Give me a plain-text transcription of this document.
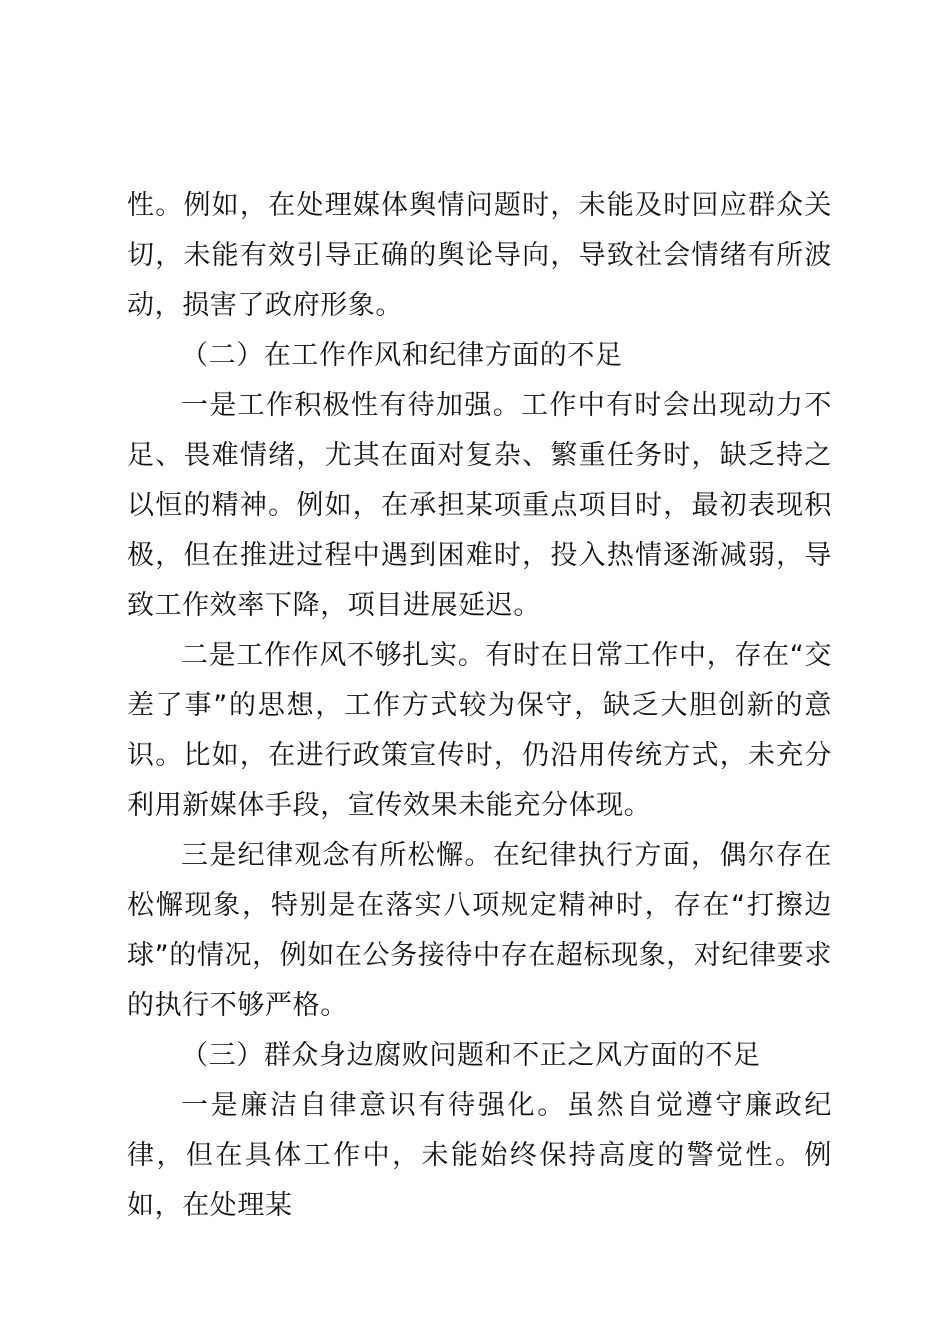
性。例如，在处理媒体舆情问题时，未能及时回应群众关切，未能有效引导正确的舆论导向，导致社会情绪有所波动，损害了政府形象。

（二）在工作作风和纪律方面的不足

一是工作积极性有待加强。工作中有时会出现动力不足、畏难情绪，尤其在面对复杂、繁重任务时，缺乏持之以恒的精神。例如，在承担某项重点项目时，最初表现积极，但在推进过程中遇到困难时，投入热情逐渐减弱，导致工作效率下降，项目进展延迟。

二是工作作风不够扎实。有时在日常工作中，存在“交差了事”的思想，工作方式较为保守，缺乏大胆创新的意识。比如，在进行政策宣传时，仍沿用传统方式，未充分利用新媒体手段，宣传效果未能充分体现。

三是纪律观念有所松懈。在纪律执行方面，偶尔存在松懈现象，特别是在落实八项规定精神时，存在“打擦边球”的情况，例如在公务接待中存在超标现象，对纪律要求的执行不够严格。

（三）群众身边腐败问题和不正之风方面的不足

一是廉洁自律意识有待强化。虽然自觉遵守廉政纪律，但在具体工作中，未能始终保持高度的警觉性。例如，在处理某
